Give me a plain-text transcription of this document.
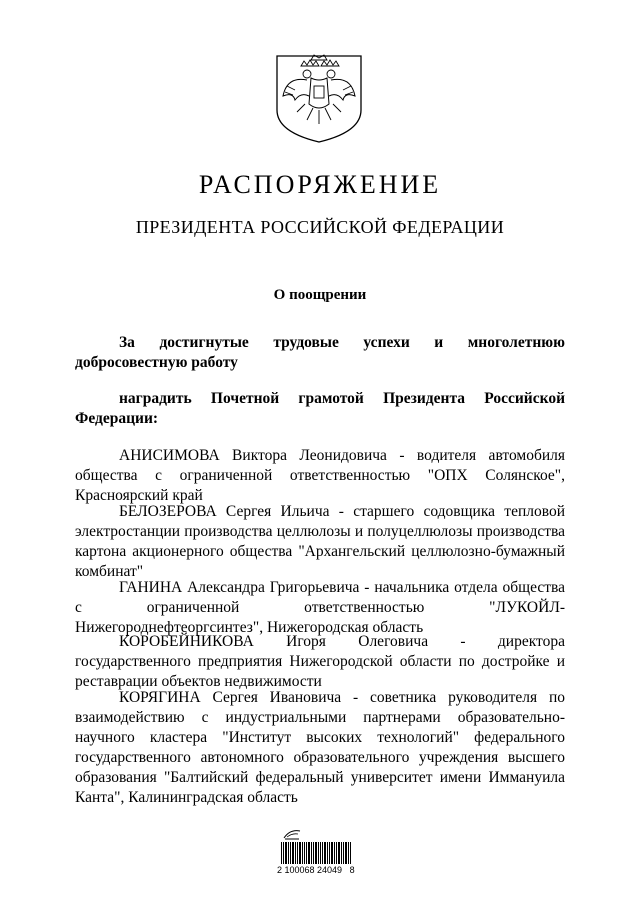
РАСПОРЯЖЕНИЕ
ПРЕЗИДЕНТА РОССИЙСКОЙ ФЕДЕРАЦИИ
О поощрении
За достигнутые трудовые успехи и многолетнюю добросовестную работу
наградить Почетной грамотой Президента Российской Федерации:
АНИСИМОВА Виктора Леонидовича - водителя автомобиля общества с ограниченной ответственностью "ОПХ Солянское", Красноярский край
БЕЛОЗЕРОВА Сергея Ильича - старшего содовщика тепловой электростанции производства целлюлозы и полуцеллюлозы производства картона акционерного общества "Архангельский целлюлозно-бумажный комбинат"
ГАНИНА Александра Григорьевича - начальника отдела общества с ограниченной ответственностью "ЛУКОЙЛ-Нижегороднефтеоргсинтез", Нижегородская область
КОРОБЕЙНИКОВА Игоря Олеговича - директора государственного предприятия Нижегородской области по достройке и реставрации объектов недвижимости
КОРЯГИНА Сергея Ивановича - советника руководителя по взаимодействию с индустриальными партнерами образовательно-научного кластера "Институт высоких технологий" федерального государственного автономного образовательного учреждения высшего образования "Балтийский федеральный университет имени Иммануила Канта", Калининградская область
2 100068 24049   8
